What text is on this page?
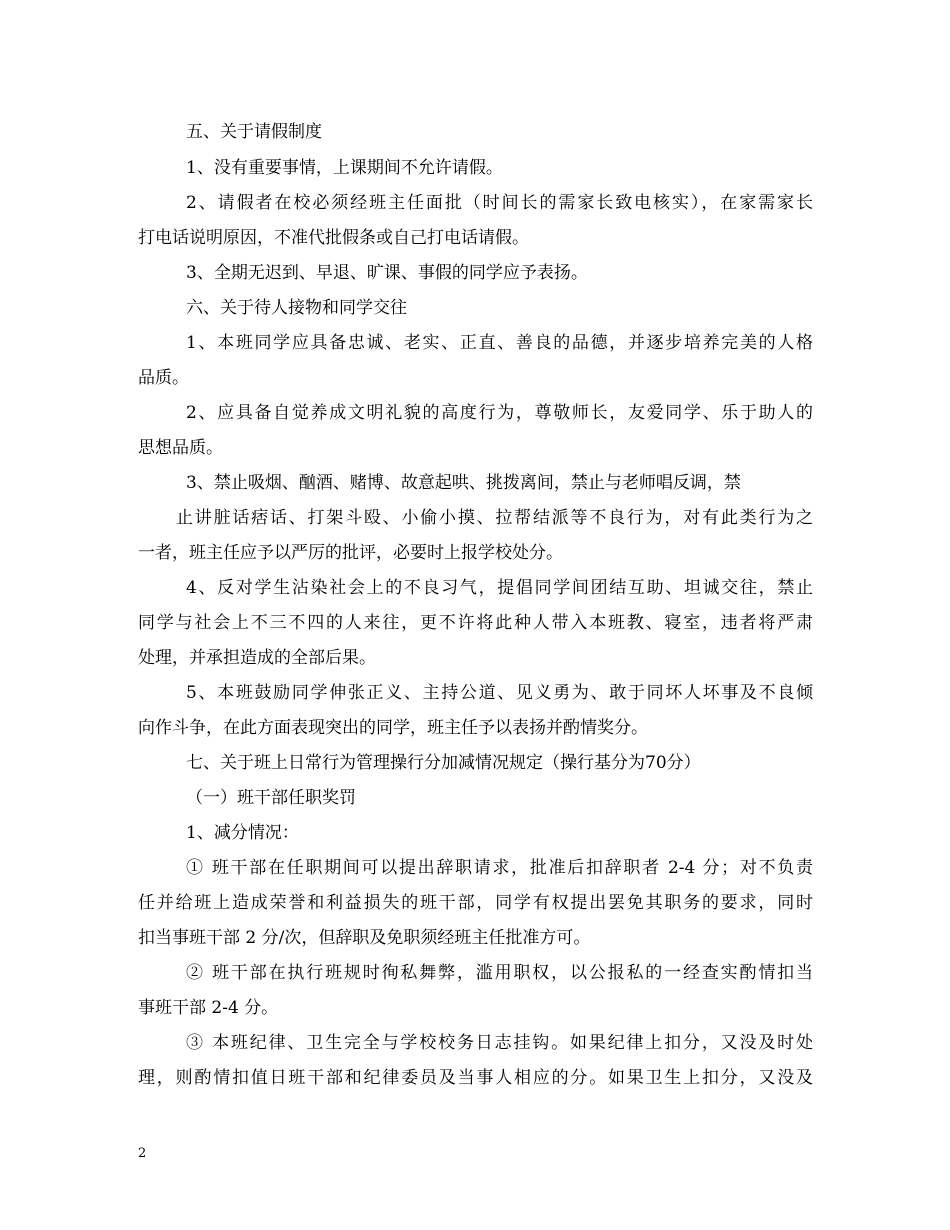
五、关于请假制度
1、没有重要事情，上课期间不允许请假。
2、请假者在校必须经班主任面批（时间长的需家长致电核实），在家需家长
打电话说明原因，不准代批假条或自己打电话请假。
3、全期无迟到、早退、旷课、事假的同学应予表扬。
六、关于待人接物和同学交往
1、本班同学应具备忠诚、老实、正直、善良的品德，并逐步培养完美的人格
品质。
2、应具备自觉养成文明礼貌的高度行为，尊敬师长，友爱同学、乐于助人的
思想品质。
3、禁止吸烟、酗酒、赌博、故意起哄、挑拨离间，禁止与老师唱反调，禁
止讲脏话痞话、打架斗殴、小偷小摸、拉帮结派等不良行为，对有此类行为之
一者，班主任应予以严厉的批评，必要时上报学校处分。
4、反对学生沾染社会上的不良习气，提倡同学间团结互助、坦诚交往，禁止
同学与社会上不三不四的人来往，更不许将此种人带入本班教、寝室，违者将严肃
处理，并承担造成的全部后果。
5、本班鼓励同学伸张正义、主持公道、见义勇为、敢于同坏人坏事及不良倾
向作斗争，在此方面表现突出的同学，班主任予以表扬并酌情奖分。
七、关于班上日常行为管理操行分加减情况规定（操行基分为70分）
（一）班干部任职奖罚
1、减分情况：
① 班干部在任职期间可以提出辞职请求，批准后扣辞职者 2-4 分；对不负责
任并给班上造成荣誉和利益损失的班干部，同学有权提出罢免其职务的要求，同时
扣当事班干部 2 分/次，但辞职及免职须经班主任批准方可。
② 班干部在执行班规时徇私舞弊，滥用职权，以公报私的一经查实酌情扣当
事班干部 2-4 分。
③ 本班纪律、卫生完全与学校校务日志挂钩。如果纪律上扣分，又没及时处
理，则酌情扣值日班干部和纪律委员及当事人相应的分。如果卫生上扣分，又没及
2
